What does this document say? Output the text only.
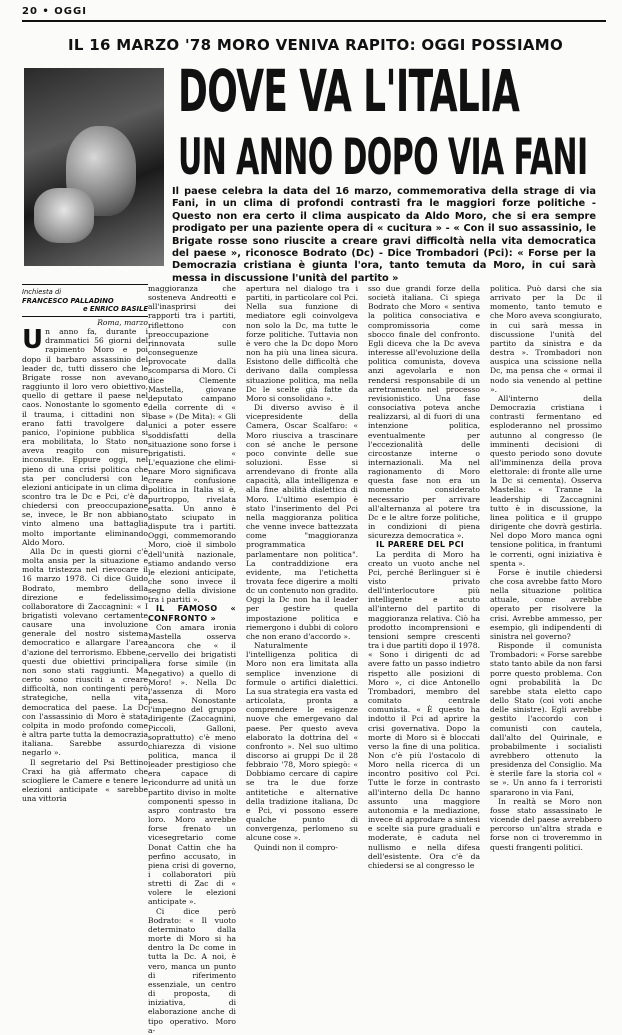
20 • OGGI
IL 16 MARZO '78 MORO VENIVA RAPITO: OGGI POSSIAMO
DOVE VA L'ITALIA
UN ANNO DOPO VIA FANI
Il paese celebra la data del 16 marzo, commemorativa della strage di via Fani, in un clima di profondi contrasti fra le maggiori forze politiche - Questo non era certo il clima auspicato da Aldo Moro, che si era sempre prodigato per una paziente opera di « cucitura » - « Con il suo assassinio, le Brigate rosse sono riuscite a creare gravi difficoltà nella vita democratica del paese », riconosce Bodrato (Dc) - Dice Trombadori (Pci): « Forse per la Democrazia cristiana è giunta l'ora, tanto temuta da Moro, in cui sarà messa in discussione l'unità del partito »
Inchiesta di
FRANCESCO PALLADINO
e ENRICO BASILE

Roma, marzo

Un anno fa, durante i drammatici 56 giorni del rapimento Moro e poi dopo il barbaro assassinio del leader dc, tutti dissero che le Brigate rosse non avevano raggiunto il loro vero obiettivo, quello di gettare il paese nel caos. Nonostante lo sgomento e il trauma, i cittadini non si erano fatti travolgere dal panico, l'opinione pubblica si era mobilitata, lo Stato non aveva reagito con misure inconsulte. Eppure oggi, nel pieno di una crisi politica che sta per concludersi con le elezioni anticipate in un clima di scontro tra le Dc e Pci, c'è da chiedersi con preoccupazione se, invece, le Br non abbiano vinto almeno una battaglia molto importante eliminando Aldo Moro.

Alla Dc in questi giorni c'è molta ansia per la situazione e molta tristezza nel rievocare il 16 marzo 1978. Ci dice Guido Bodrato, membro della direzione e fedelissimo collaboratore di Zaccagnini: « I brigatisti volevano certamente causare una involuzione generale del nostro sistema democratico e allargare l'area d'azione del terrorismo. Ebbene, questi due obiettivi principali non sono stati raggiunti. Ma certo sono riusciti a creare difficoltà, non contingenti però strategiche, nella vita democratica del paese. La Dc con l'assassinio di Moro è stata colpita in modo profondo come è altra parte tutta la democrazia italiana. Sarebbe assurdo negarlo ».

Il segretario del Psi Bettino Craxi ha già affermato che sciogliere le Camere e tenere le elezioni anticipate « sarebbe una vittoria

maggioranza che sosteneva Andreotti e all'inasprirsi dei rapporti tra i partiti, riflettono con preoccupazione rinnovata sulle conseguenze provocate dalla scomparsa di Moro. Ci dice Clemente Mastella, giovane deputato campano della corrente di « base » (De Mita): « Gli unici a poter essere soddisfatti della situazione sono forse i brigatisti. « L'equazione che elimi-nare Moro significava creare confusione politica in Italia si è, purtroppo, rivelata esatta. Un anno è stato sciupato in dispute tra i partiti. Oggi, commemorando Moro, cioè il simbolo dell'unità nazionale, stiamo andando verso le elezioni anticipate, che sono invece il segno della divisione tra i partiti ».

IL FAMOSO « CONFRONTO »

Con amara ironia Mastella osserva ancora che « il cervello dei brigatisti era forse simile (in negativo) a quello di Moro! ». Nella Dc l'assenza di Moro pesa. Nonostante l'impegno del gruppo dirigente (Zaccagnini, Piccoli, Galloni, soprattutto) c'è meno chiarezza di visione politica, manca il leader prestigioso che era capace di ricondurre ad unità un partito diviso in molte componenti spesso in aspro contrasto tra loro. Moro avrebbe forse frenato un vicesegretario come Donat Cattin che ha perfino accusato, in piena crisi di governo, i collaboratori più stretti di Zac di « volere le elezioni anticipate ».

Ci dice però Bodrato: « Il vuoto determinato dalla morte di Moro si ha dentro la Dc come in tutta la Dc. A noi, è vero, manca un punto di riferimento essenziale, un centro di proposta, di iniziativa, di elaborazione anche di tipo operativo. Moro a-

apertura nel dialogo tra i partiti, in particolare col Pci. Nella sua funzione di mediatore egli coinvolgeva non solo la Dc, ma tutte le forze politiche. Tuttavia non è vero che la Dc dopo Moro non ha più una linea sicura. Esistono delle difficoltà che derivano dalla complessa situazione politica, ma nella Dc le scelte già fatte da Moro si consolidano ».

Di diverso avviso è il vicepresidente della Camera, Oscar Scalfaro: « Moro riusciva a trascinare con sé anche le persone poco convinte delle sue soluzioni. Esse si arrendevano di fronte alla capacità, alla intelligenza e alla fine abilità dialettica di Moro. L'ultimo esempio è stato l'inserimento del Pci nella maggioranza politica che venne invece battezzata come "maggioranza programmatica parlamentare non politica". La contraddizione era evidente, ma l'etichetta trovata fece digerire a molti dc un contenuto non gradito. Oggi la Dc non ha il leader per gestire quella impostazione politica e riemergono i dubbi di coloro che non erano d'accordo ».

Naturalmente l'intelligenza politica di Moro non era limitata alla semplice invenzione di formule o artifici dialettici. La sua strategia era vasta ed articolata, pronta a comprendere le esigenze nuove che emergevano dal paese. Per questo aveva elaborato la dottrina del « confronto ». Nel suo ultimo discorso ai gruppi Dc il 28 febbraio '78, Moro spiegò: « Dobbiamo cercare di capire se tra le due forze antitetiche e alternative della tradizione italiana, Dc e Pci, vi possono essere qualche punto di convergenza, perlomeno su alcune cose ».

Quindi non il compro-

sso due grandi forze della società italiana. Ci spiega Bodrato che Moro « sentiva la politica consociativa e compromissoria come sbocco finale del confronto. Egli diceva che la Dc aveva interesse all'evoluzione della politica comunista, doveva anzi agevolarla e non rendersi responsabile di un arretramento nel processo revisionistico. Una fase consociativa poteva anche realizzarsi, al di fuori di una intenzione politica, eventualmente per l'eccezionalità delle circostanze interne o internazionali. Ma nel ragionamento di Moro questa fase non era un momento considerato necessario per arrivare all'alternanza al potere tra Dc e le altre forze politiche, in condizioni di piena sicurezza democratica ».

IL PARERE DEL PCI

La perdita di Moro ha creato un vuoto anche nel Pci, perché Berlinguer si è visto privato dell'interlocutore più intelligente e acuto all'interno del partito di maggioranza relativa. Ciò ha prodotto incomprensioni e tensioni sempre crescenti tra i due partiti dopo il 1978. « Sono i dirigenti dc ad avere fatto un passo indietro rispetto alle posizioni di Moro », ci dice Antonello Trombadori, membro del comitato centrale comunista. « È questo ha indotto il Pci ad aprire la crisi governativa. Dopo la morte di Moro si è bloccati verso la fine di una politica. Non c'è più l'ostacolo di Moro nella ricerca di un incontro positivo col Pci. Tutte le forze in contrasto all'interno della Dc hanno assunto una maggiore autonomia e la mediazione, invece di approdare a sintesi e scelte sia pure graduali e moderate, è caduta nel nullismo e nella difesa dell'esistente. Ora c'è da chiedersi se al congresso le

politica. Può darsi che sia arrivato per la Dc il momento, tanto temuto e che Moro aveva scongiurato, in cui sarà messa in discussione l'unità del partito da sinistra e da destra ». Trombadori non auspica una scissione nella Dc, ma pensa che « ormai il nodo sia venendo al pettine ».

All'interno della Democrazia cristiana i contrasti fermentano ed esploderanno nel prossimo autunno al congresso (le imminenti decisioni di questo periodo sono dovute all'imminenza della prova elettorale: di fronte alle urne la Dc si cementa). Osserva Mastella: « Tranne la leadership di Zaccagnini tutto è in discussione, la linea politica e il gruppo dirigente che dovrà gestirla. Nel dopo Moro manca ogni tensione politica, in frantumi le correnti, ogni iniziativa è spenta ».

Forse è inutile chiedersi che cosa avrebbe fatto Moro nella situazione politica attuale, come avrebbe operato per risolvere la crisi. Avrebbe ammesso, per esempio, gli indipendenti di sinistra nel governo?

Risponde il comunista Trombadori: « Forse sarebbe stato tanto abile da non farsi porre questo problema. Con ogni probabilità la Dc sarebbe stata eletto capo dello Stato (coi voti anche delle sinistre). Egli avrebbe gestito l'accordo con i comunisti con cautela, dall'alto del Quirinale, e probabilmente i socialisti avrebbero ottenuto la presidenza del Consiglio. Ma è sterile fare la storia col « se ». Un anno fa i terroristi spararono in via Fani,

In realtà se Moro non fosse stato assassinato le vicende del paese avrebbero percorso un'altra strada e forse non ci troveremmo in questi frangenti politici.
